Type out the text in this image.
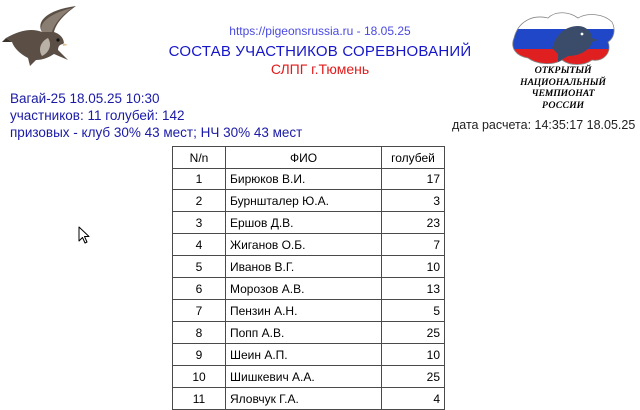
ОТКРЫТЫЙ
НАЦИОНАЛЬНЫЙ
ЧЕМПИОНАТ
РОССИИ
https://pigeonsrussia.ru - 18.05.25
СОСТАВ УЧАСТНИКОВ СОРЕВНОВАНИЙ
СЛПГ г.Тюмень
Вагай-25 18.05.25 10:30
участников: 11 голубей: 142
призовых - клуб 30% 43 мест; НЧ 30% 43 мест	дата расчета: 14:35:17 18.05.25
N/n	ФИО	голубей
1	Бирюков В.И.	17
2	Бурншталер Ю.А.	3
3	Ершов Д.В.	23
4	Жиганов О.Б.	7
5	Иванов В.Г.	10
6	Морозов А.В.	13
7	Пензин А.Н.	5
8	Попп А.В.	25
9	Шеин А.П.	10
10	Шишкевич А.А.	25
11	Яловчук Г.А.	4
